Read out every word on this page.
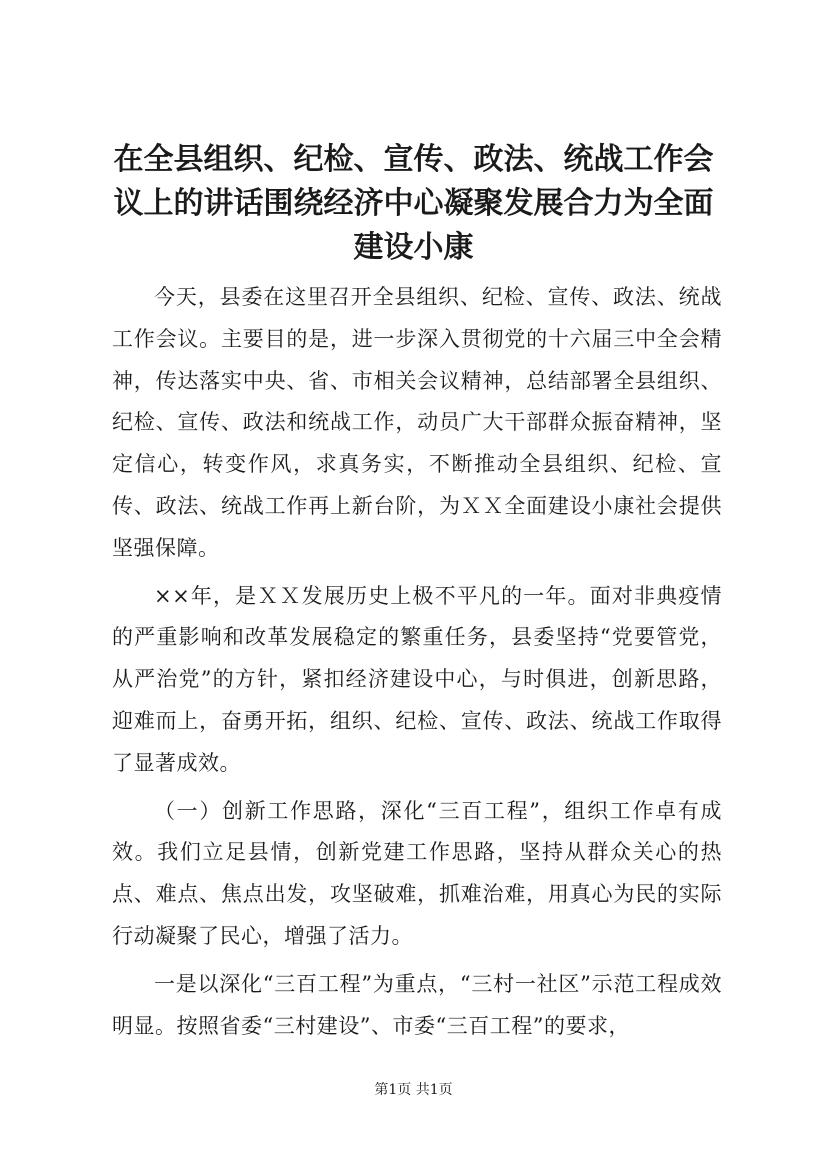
在全县组织、纪检、宣传、政法、统战工作会议上的讲话围绕经济中心凝聚发展合力为全面建设小康

今天，县委在这里召开全县组织、纪检、宣传、政法、统战工作会议。主要目的是，进一步深入贯彻党的十六届三中全会精神，传达落实中央、省、市相关会议精神，总结部署全县组织、纪检、宣传、政法和统战工作，动员广大干部群众振奋精神，坚定信心，转变作风，求真务实，不断推动全县组织、纪检、宣传、政法、统战工作再上新台阶，为ＸＸ全面建设小康社会提供坚强保障。

××年，是ＸＸ发展历史上极不平凡的一年。面对非典疫情的严重影响和改革发展稳定的繁重任务，县委坚持“党要管党，从严治党”的方针，紧扣经济建设中心，与时俱进，创新思路，迎难而上，奋勇开拓，组织、纪检、宣传、政法、统战工作取得了显著成效。

（一）创新工作思路，深化“三百工程”，组织工作卓有成效。我们立足县情，创新党建工作思路，坚持从群众关心的热点、难点、焦点出发，攻坚破难，抓难治难，用真心为民的实际行动凝聚了民心，增强了活力。

一是以深化“三百工程”为重点，“三村一社区”示范工程成效明显。按照省委“三村建设”、市委“三百工程”的要求，

第1页 共1页
